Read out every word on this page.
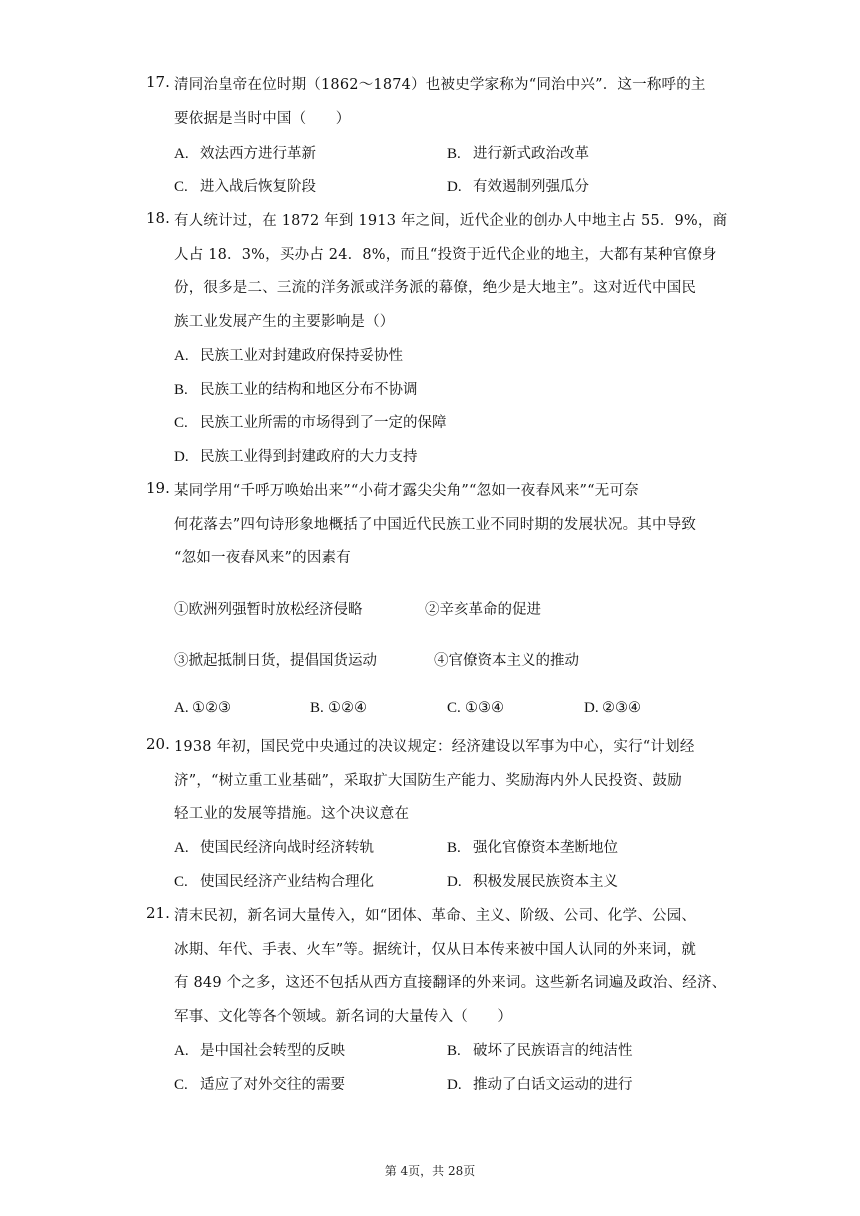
17. 清同治皇帝在位时期（1862～1874）也被史学家称为“同治中兴”．这一称呼的主
要依据是当时中国（　　）
A. 效法西方进行革新	B. 进行新式政治改革
C. 进入战后恢复阶段	D. 有效遏制列强瓜分
18. 有人统计过，在 1872 年到 1913 年之间，近代企业的创办人中地主占 55．9%，商
人占 18．3%，买办占 24．8%，而且“投资于近代企业的地主，大都有某种官僚身
份，很多是二、三流的洋务派或洋务派的幕僚，绝少是大地主”。这对近代中国民
族工业发展产生的主要影响是（）
A. 民族工业对封建政府保持妥协性
B. 民族工业的结构和地区分布不协调
C. 民族工业所需的市场得到了一定的保障
D. 民族工业得到封建政府的大力支持
19. 某同学用“千呼万唤始出来”“小荷才露尖尖角”“忽如一夜春风来”“无可奈
何花落去”四句诗形象地概括了中国近代民族工业不同时期的发展状况。其中导致
“忽如一夜春风来”的因素有
①欧洲列强暂时放松经济侵略	②辛亥革命的促进
③掀起抵制日货，提倡国货运动	④官僚资本主义的推动
A. ①②③	B. ①②④	C. ①③④	D. ②③④
20. 1938 年初，国民党中央通过的决议规定：经济建设以军事为中心，实行“计划经
济”，“树立重工业基础”，采取扩大国防生产能力、奖励海内外人民投资、鼓励
轻工业的发展等措施。这个决议意在
A. 使国民经济向战时经济转轨	B. 强化官僚资本垄断地位
C. 使国民经济产业结构合理化	D. 积极发展民族资本主义
21. 清末民初，新名词大量传入，如“团体、革命、主义、阶级、公司、化学、公园、
冰期、年代、手表、火车”等。据统计，仅从日本传来被中国人认同的外来词，就
有 849 个之多，这还不包括从西方直接翻译的外来词。这些新名词遍及政治、经济、
军事、文化等各个领域。新名词的大量传入（　　）
A. 是中国社会转型的反映	B. 破坏了民族语言的纯洁性
C. 适应了对外交往的需要	D. 推动了白话文运动的进行
第 4页，共 28页
